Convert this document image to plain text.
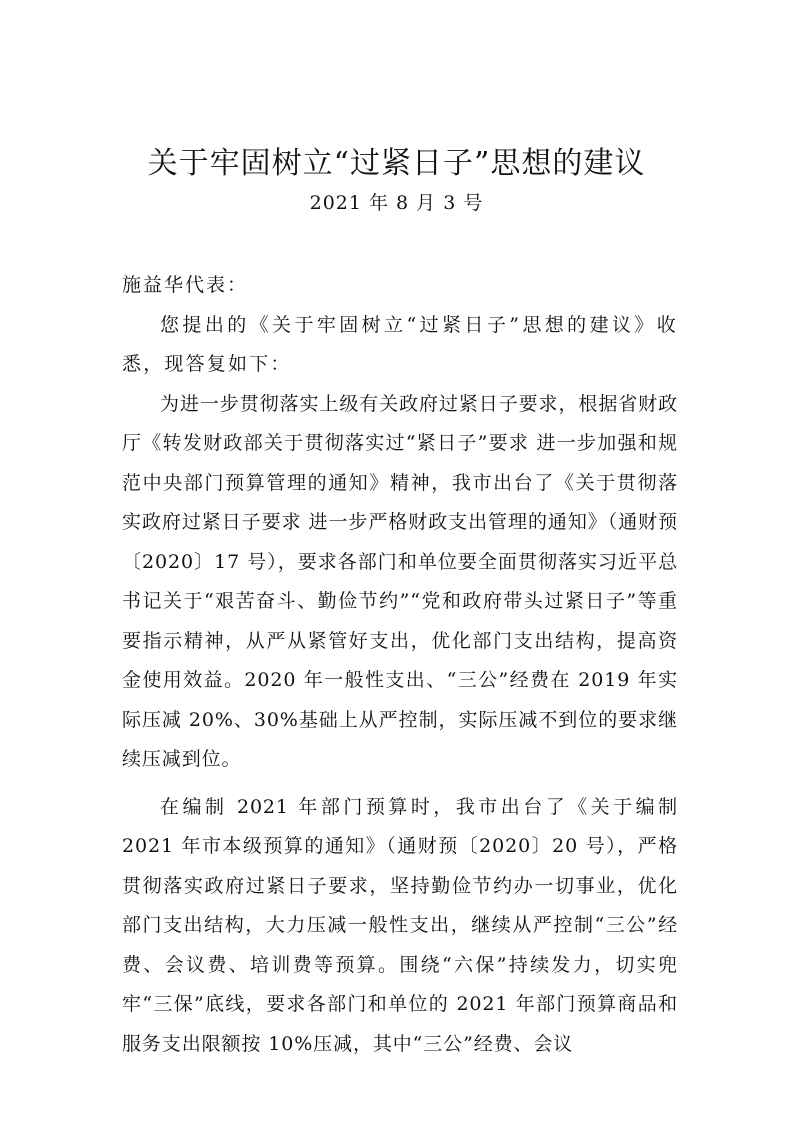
关于牢固树立“过紧日子”思想的建议
2021 年 8 月 3 号

施益华代表：

您提出的《关于牢固树立“过紧日子”思想的建议》收悉，现答复如下：

为进一步贯彻落实上级有关政府过紧日子要求，根据省财政厅《转发财政部关于贯彻落实过“紧日子”要求 进一步加强和规范中央部门预算管理的通知》精神，我市出台了《关于贯彻落实政府过紧日子要求 进一步严格财政支出管理的通知》（通财预〔2020〕17 号），要求各部门和单位要全面贯彻落实习近平总书记关于“艰苦奋斗、勤俭节约”“党和政府带头过紧日子”等重要指示精神，从严从紧管好支出，优化部门支出结构，提高资金使用效益。2020 年一般性支出、“三公”经费在 2019 年实际压减 20%、30%基础上从严控制，实际压减不到位的要求继续压减到位。

在编制 2021 年部门预算时，我市出台了《关于编制 2021 年市本级预算的通知》（通财预〔2020〕20 号），严格贯彻落实政府过紧日子要求，坚持勤俭节约办一切事业，优化部门支出结构，大力压减一般性支出，继续从严控制“三公”经费、会议费、培训费等预算。围绕“六保”持续发力，切实兜牢“三保”底线，要求各部门和单位的 2021 年部门预算商品和服务支出限额按 10%压减，其中“三公”经费、会议
